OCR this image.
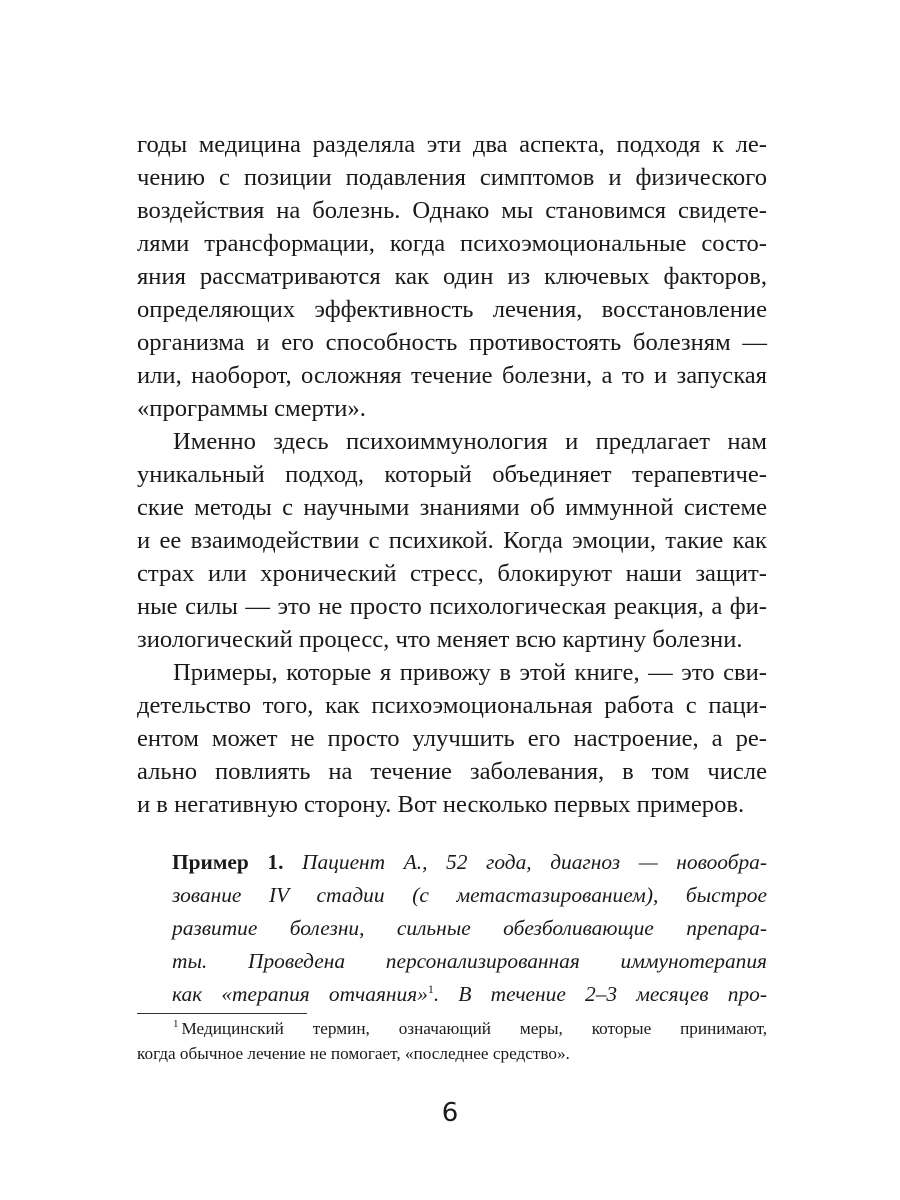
годы медицина разделяла эти два аспекта, подходя к ле-
чению с позиции подавления симптомов и физического
воздействия на болезнь. Однако мы становимся свидете-
лями трансформации, когда психоэмоциональные состо-
яния рассматриваются как один из ключевых факторов,
определяющих эффективность лечения, восстановление
организма и его способность противостоять болезням —
или, наоборот, осложняя течение болезни, а то и запуская
«программы смерти».
Именно здесь психоиммунология и предлагает нам
уникальный подход, который объединяет терапевтиче-
ские методы с научными знаниями об иммунной системе
и ее взаимодействии с психикой. Когда эмоции, такие как
страх или хронический стресс, блокируют наши защит-
ные силы — это не просто психологическая реакция, а фи-
зиологический процесс, что меняет всю картину болезни.
Примеры, которые я привожу в этой книге, — это сви-
детельство того, как психоэмоциональная работа с паци-
ентом может не просто улучшить его настроение, а ре-
ально повлиять на течение заболевания, в том числе
и в негативную сторону. Вот несколько первых примеров.
Пример 1. Пациент А., 52 года, диагноз — новообра-
зование IV стадии (с метастазированием), быстрое
развитие болезни, сильные обезболивающие препара-
ты. Проведена персонализированная иммунотерапия
как «терапия отчаяния»$^1$. В течение 2–3 месяцев про-
$^1$ Медицинский термин, означающий меры, которые принимают,
когда обычное лечение не помогает, «последнее средство».
6
